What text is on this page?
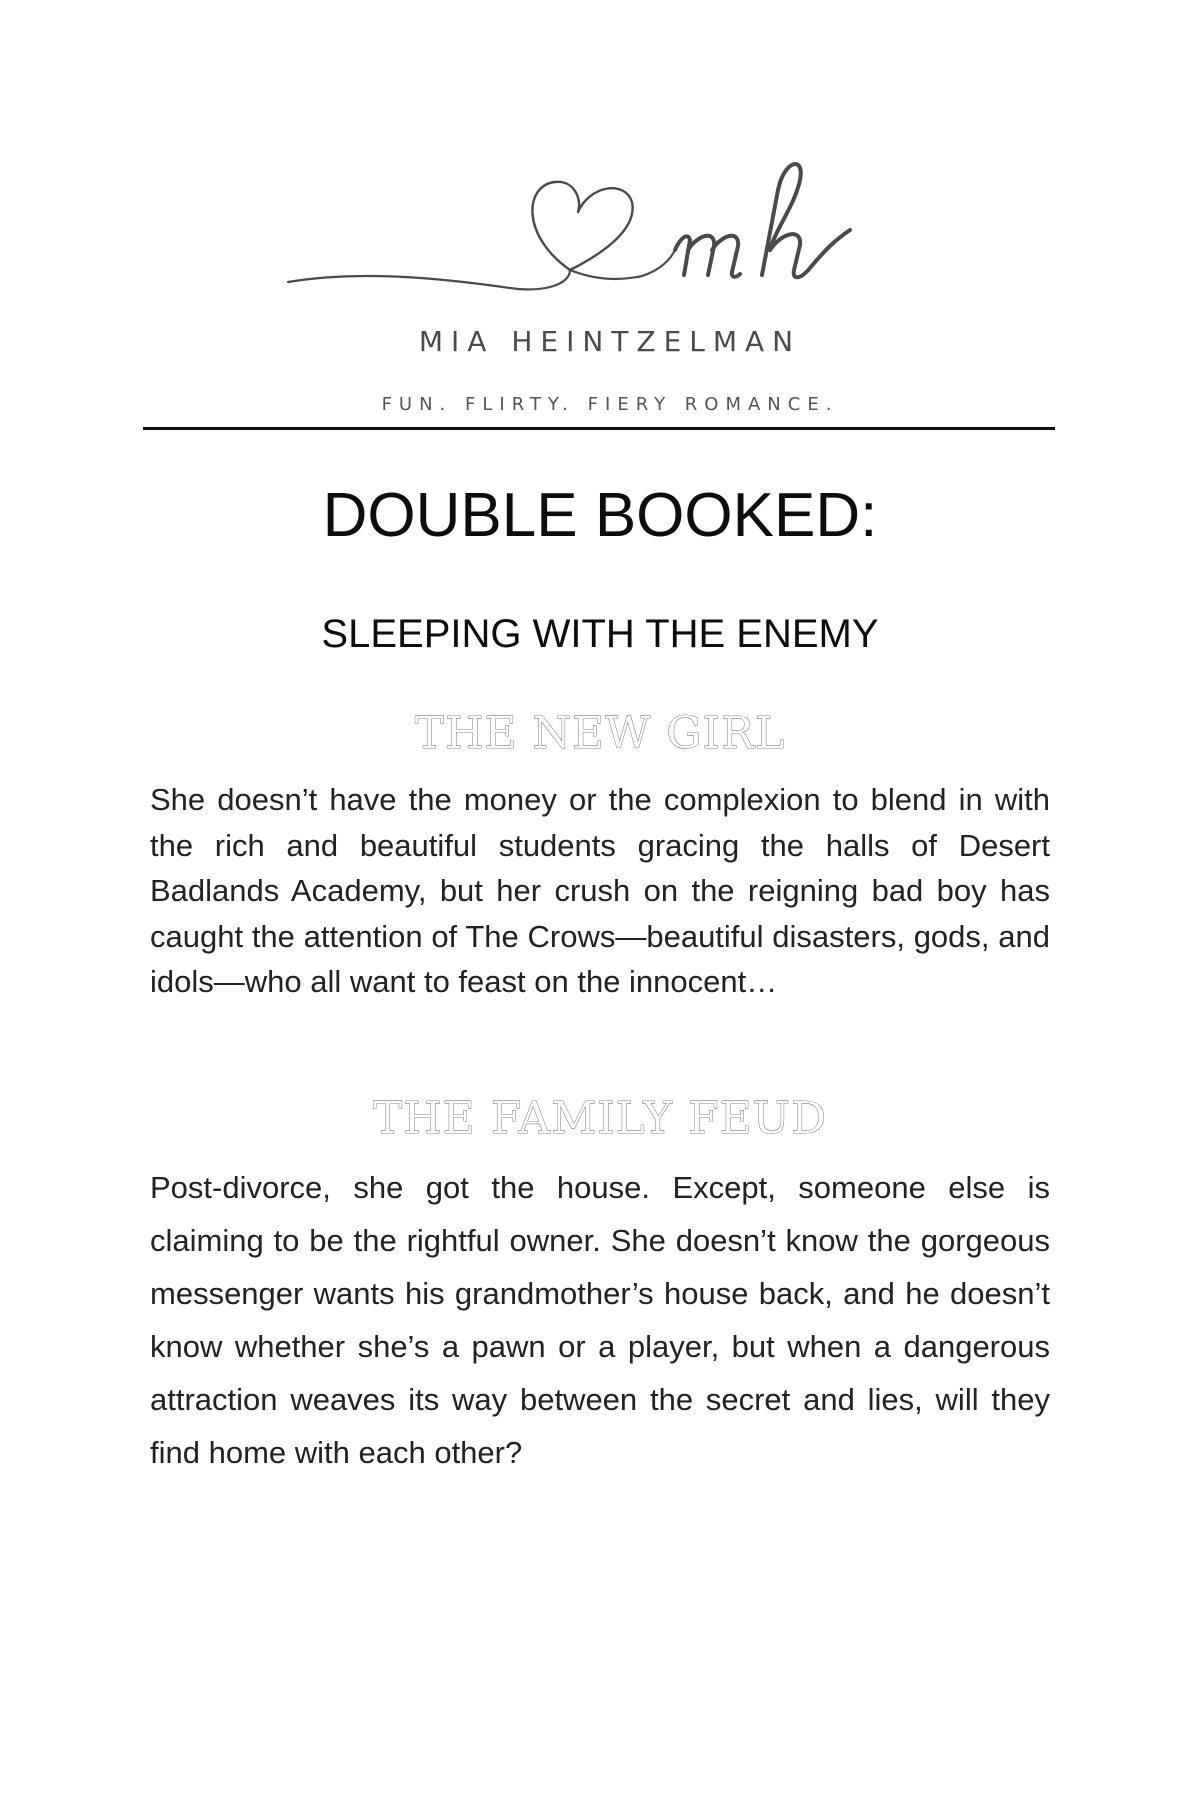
MIA HEINTZELMAN
FUN. FLIRTY. FIERY ROMANCE.
DOUBLE BOOKED:
SLEEPING WITH THE ENEMY
THE NEW GIRL

She doesn’t have the money or the complexion to blend in with the rich and beautiful students gracing the halls of Desert Badlands Academy, but her crush on the reigning bad boy has caught the attention of The Crows—beautiful disasters, gods, and idols—who all want to feast on the innocent…

THE FAMILY FEUD

Post-divorce, she got the house. Except, someone else is claiming to be the rightful owner. She doesn’t know the gorgeous messenger wants his grandmother’s house back, and he doesn’t know whether she’s a pawn or a player, but when a dangerous attraction weaves its way between the secret and lies, will they find home with each other?
